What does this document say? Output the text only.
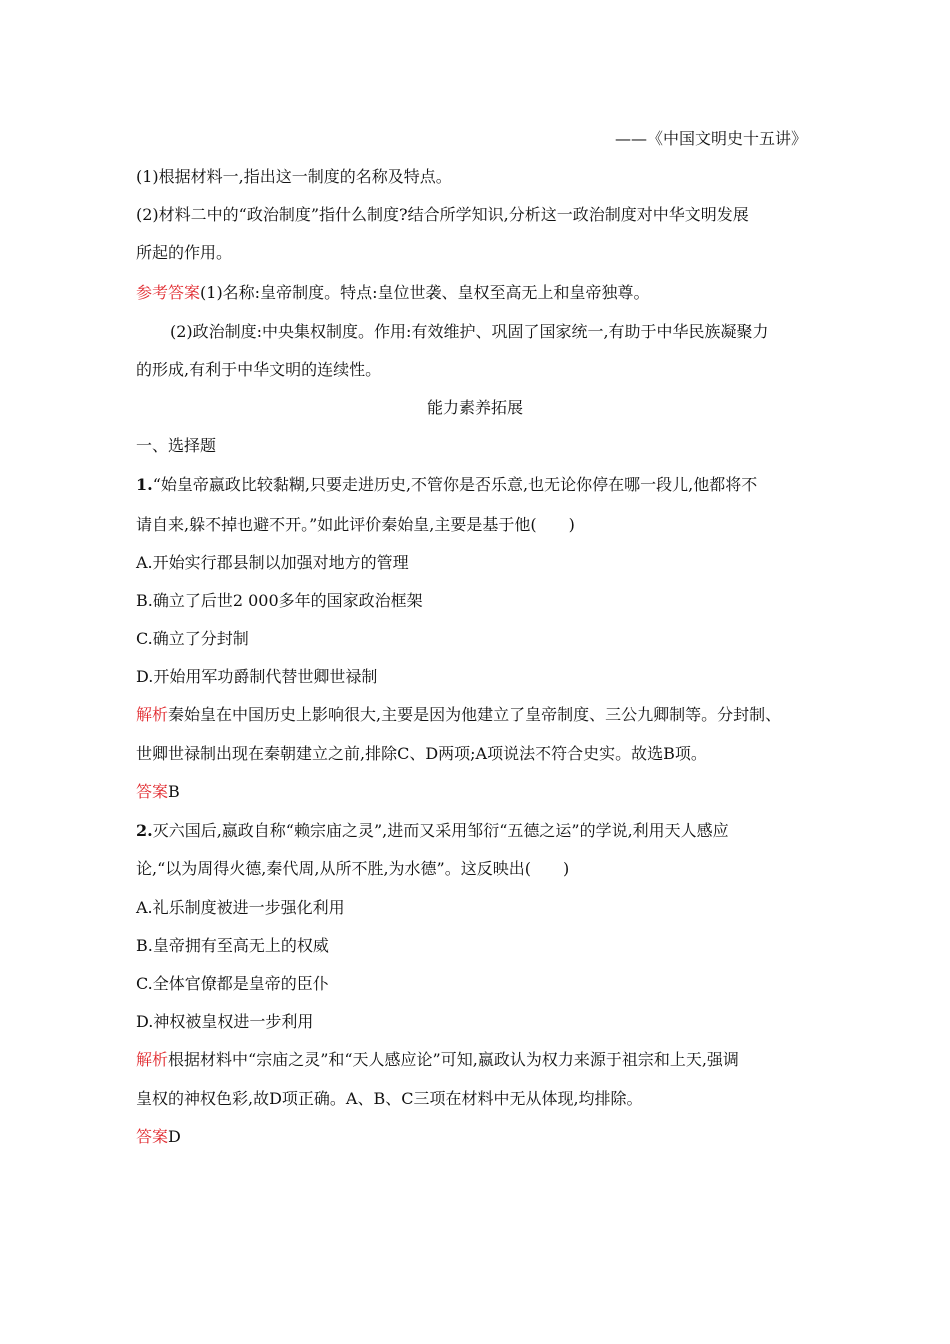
——《中国文明史十五讲》
(1)根据材料一,指出这一制度的名称及特点。
(2)材料二中的“政治制度”指什么制度?结合所学知识,分析这一政治制度对中华文明发展
所起的作用。
参考答案(1)名称:皇帝制度。特点:皇位世袭、皇权至高无上和皇帝独尊。
(2)政治制度:中央集权制度。作用:有效维护、巩固了国家统一,有助于中华民族凝聚力
的形成,有利于中华文明的连续性。
能力素养拓展
一、选择题
1.“始皇帝嬴政比较黏糊,只要走进历史,不管你是否乐意,也无论你停在哪一段儿,他都将不
请自来,躲不掉也避不开。”如此评价秦始皇,主要是基于他(　　)
A.开始实行郡县制以加强对地方的管理
B.确立了后世2 000多年的国家政治框架
C.确立了分封制
D.开始用军功爵制代替世卿世禄制
解析秦始皇在中国历史上影响很大,主要是因为他建立了皇帝制度、三公九卿制等。分封制、
世卿世禄制出现在秦朝建立之前,排除C、D两项;A项说法不符合史实。故选B项。
答案B
2.灭六国后,嬴政自称“赖宗庙之灵”,进而又采用邹衍“五德之运”的学说,利用天人感应
论,“以为周得火德,秦代周,从所不胜,为水德”。这反映出(　　)
A.礼乐制度被进一步强化利用
B.皇帝拥有至高无上的权威
C.全体官僚都是皇帝的臣仆
D.神权被皇权进一步利用
解析根据材料中“宗庙之灵”和“天人感应论”可知,嬴政认为权力来源于祖宗和上天,强调
皇权的神权色彩,故D项正确。A、B、C三项在材料中无从体现,均排除。
答案D
